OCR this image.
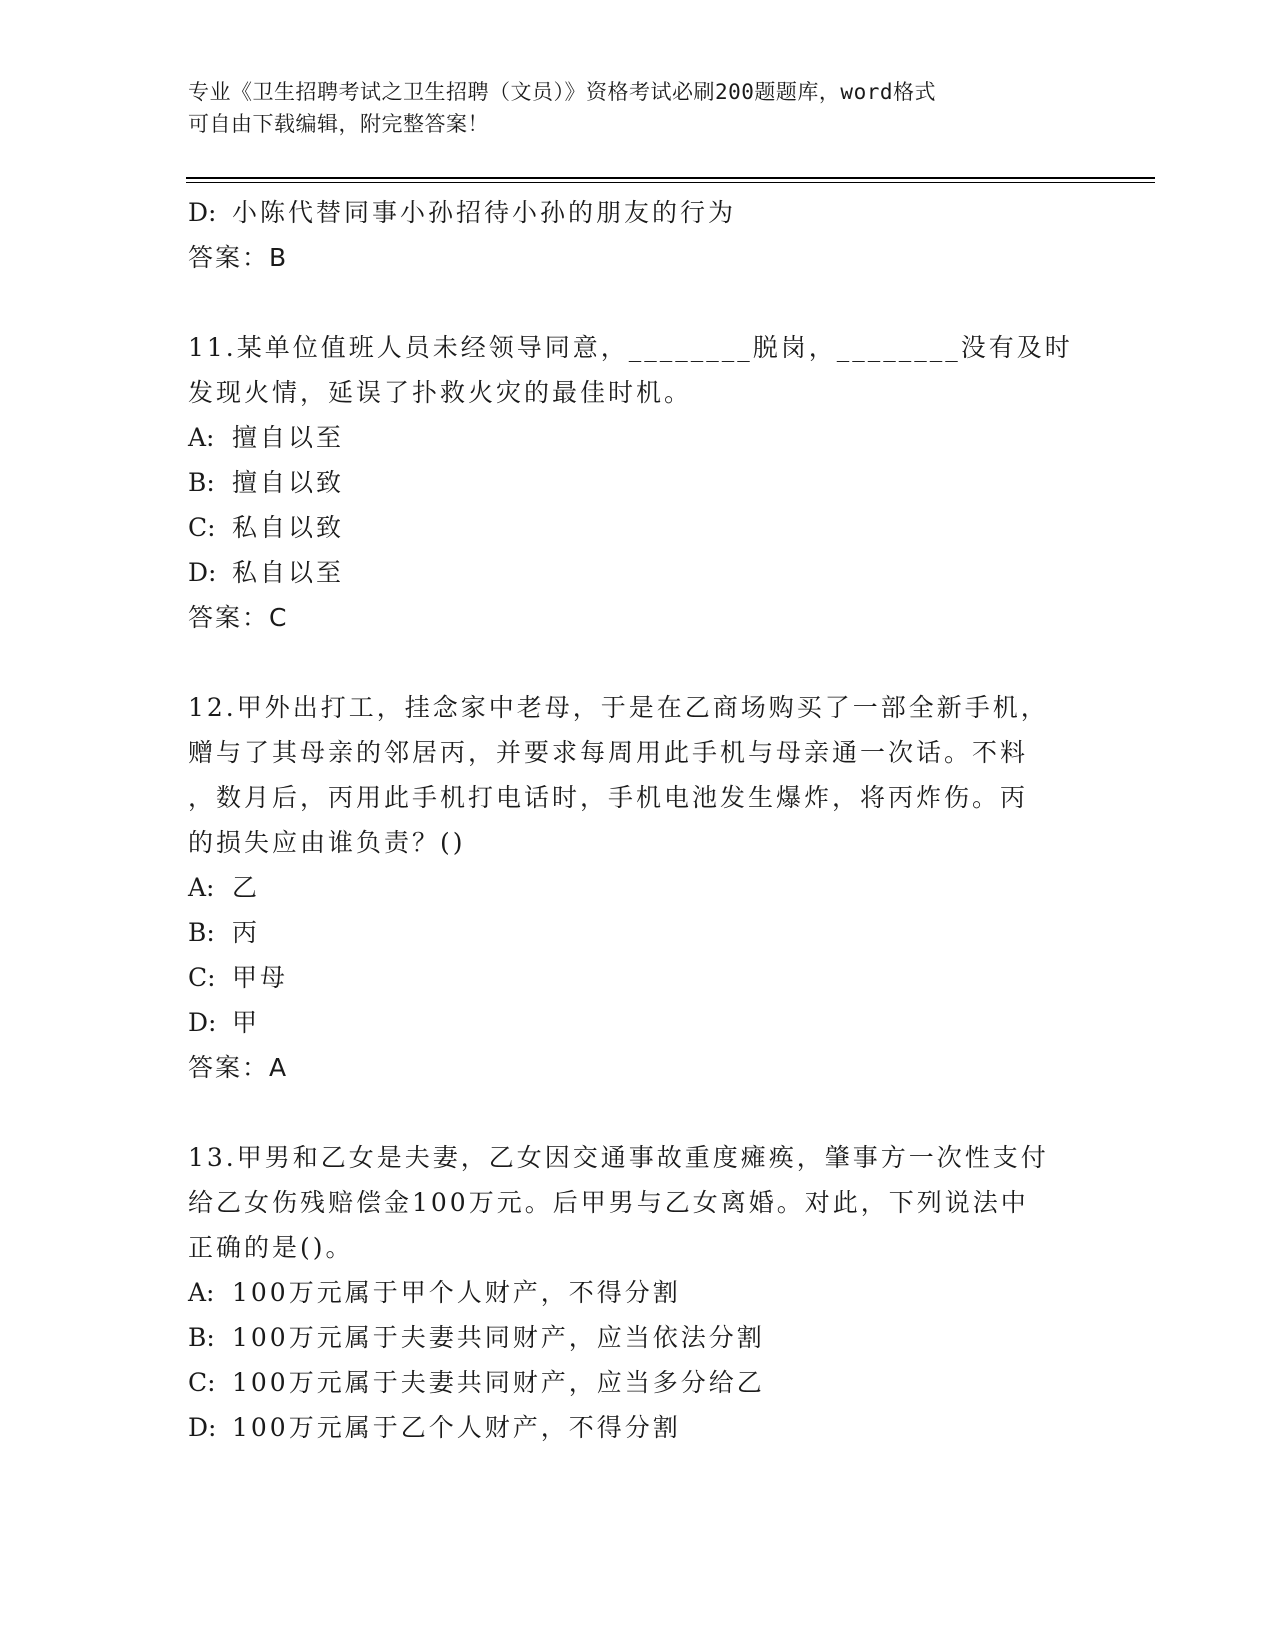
专业《卫生招聘考试之卫生招聘（文员）》资格考试必刷200题题库，word格式
可自由下载编辑，附完整答案！
D: 小陈代替同事小孙招待小孙的朋友的行为
答案：B
11.某单位值班人员未经领导同意，________脱岗，________没有及时
发现火情，延误了扑救火灾的最佳时机。
A: 擅自以至
B: 擅自以致
C: 私自以致
D: 私自以至
答案：C
12.甲外出打工，挂念家中老母，于是在乙商场购买了一部全新手机，
赠与了其母亲的邻居丙，并要求每周用此手机与母亲通一次话。不料
，数月后，丙用此手机打电话时，手机电池发生爆炸，将丙炸伤。丙
的损失应由谁负责？()
A: 乙
B: 丙
C: 甲母
D: 甲
答案：A
13.甲男和乙女是夫妻，乙女因交通事故重度瘫痪，肇事方一次性支付
给乙女伤残赔偿金100万元。后甲男与乙女离婚。对此，下列说法中
正确的是()。
A: 100万元属于甲个人财产，不得分割
B: 100万元属于夫妻共同财产，应当依法分割
C: 100万元属于夫妻共同财产，应当多分给乙
D: 100万元属于乙个人财产，不得分割
